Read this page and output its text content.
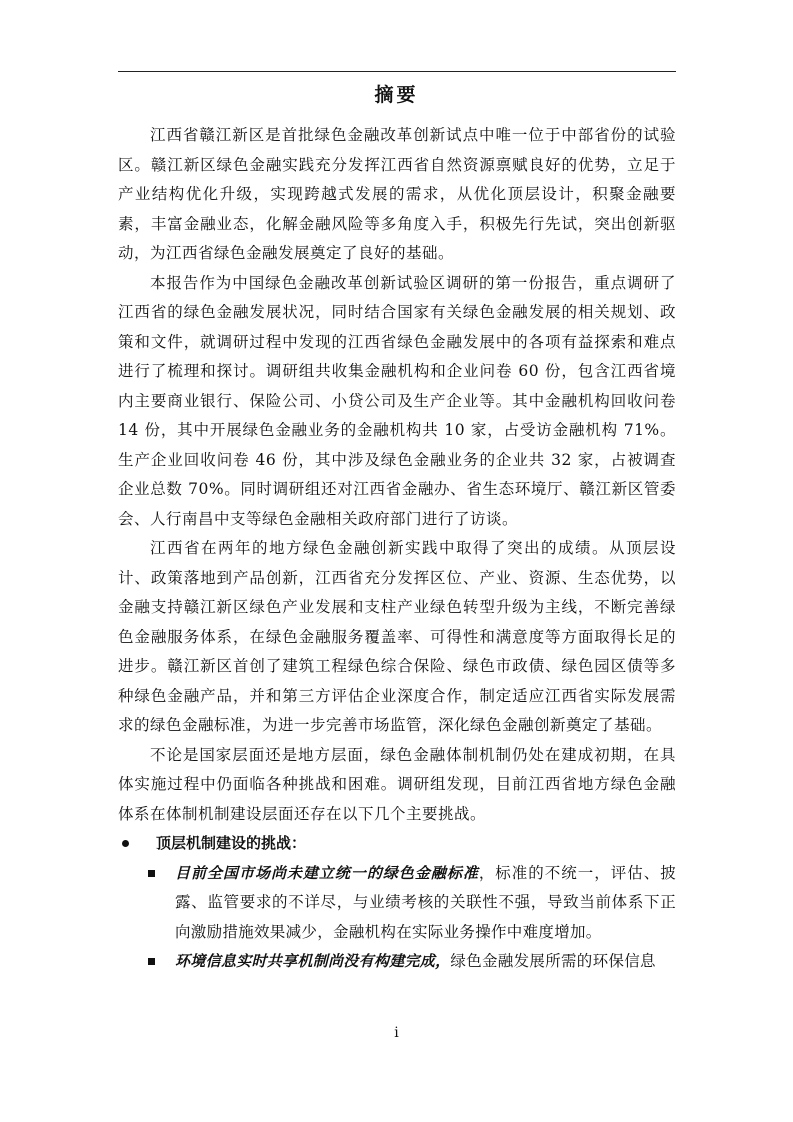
摘要

江西省赣江新区是首批绿色金融改革创新试点中唯一位于中部省份的试验区。赣江新区绿色金融实践充分发挥江西省自然资源禀赋良好的优势，立足于产业结构优化升级，实现跨越式发展的需求，从优化顶层设计，积聚金融要素，丰富金融业态，化解金融风险等多角度入手，积极先行先试，突出创新驱动，为江西省绿色金融发展奠定了良好的基础。

本报告作为中国绿色金融改革创新试验区调研的第一份报告，重点调研了江西省的绿色金融发展状况，同时结合国家有关绿色金融发展的相关规划、政策和文件，就调研过程中发现的江西省绿色金融发展中的各项有益探索和难点进行了梳理和探讨。调研组共收集金融机构和企业问卷 60 份，包含江西省境内主要商业银行、保险公司、小贷公司及生产企业等。其中金融机构回收问卷 14 份，其中开展绿色金融业务的金融机构共 10 家，占受访金融机构 71%。生产企业回收问卷 46 份，其中涉及绿色金融业务的企业共 32 家，占被调查企业总数 70%。同时调研组还对江西省金融办、省生态环境厅、赣江新区管委会、人行南昌中支等绿色金融相关政府部门进行了访谈。

江西省在两年的地方绿色金融创新实践中取得了突出的成绩。从顶层设计、政策落地到产品创新，江西省充分发挥区位、产业、资源、生态优势，以金融支持赣江新区绿色产业发展和支柱产业绿色转型升级为主线，不断完善绿色金融服务体系，在绿色金融服务覆盖率、可得性和满意度等方面取得长足的进步。赣江新区首创了建筑工程绿色综合保险、绿色市政债、绿色园区债等多种绿色金融产品，并和第三方评估企业深度合作，制定适应江西省实际发展需求的绿色金融标准，为进一步完善市场监管，深化绿色金融创新奠定了基础。

不论是国家层面还是地方层面，绿色金融体制机制仍处在建成初期，在具体实施过程中仍面临各种挑战和困难。调研组发现，目前江西省地方绿色金融体系在体制机制建设层面还存在以下几个主要挑战。

顶层机制建设的挑战：

目前全国市场尚未建立统一的绿色金融标准，标准的不统一，评估、披露、监管要求的不详尽，与业绩考核的关联性不强，导致当前体系下正向激励措施效果减少，金融机构在实际业务操作中难度增加。

环境信息实时共享机制尚没有构建完成，绿色金融发展所需的环保信息

i
